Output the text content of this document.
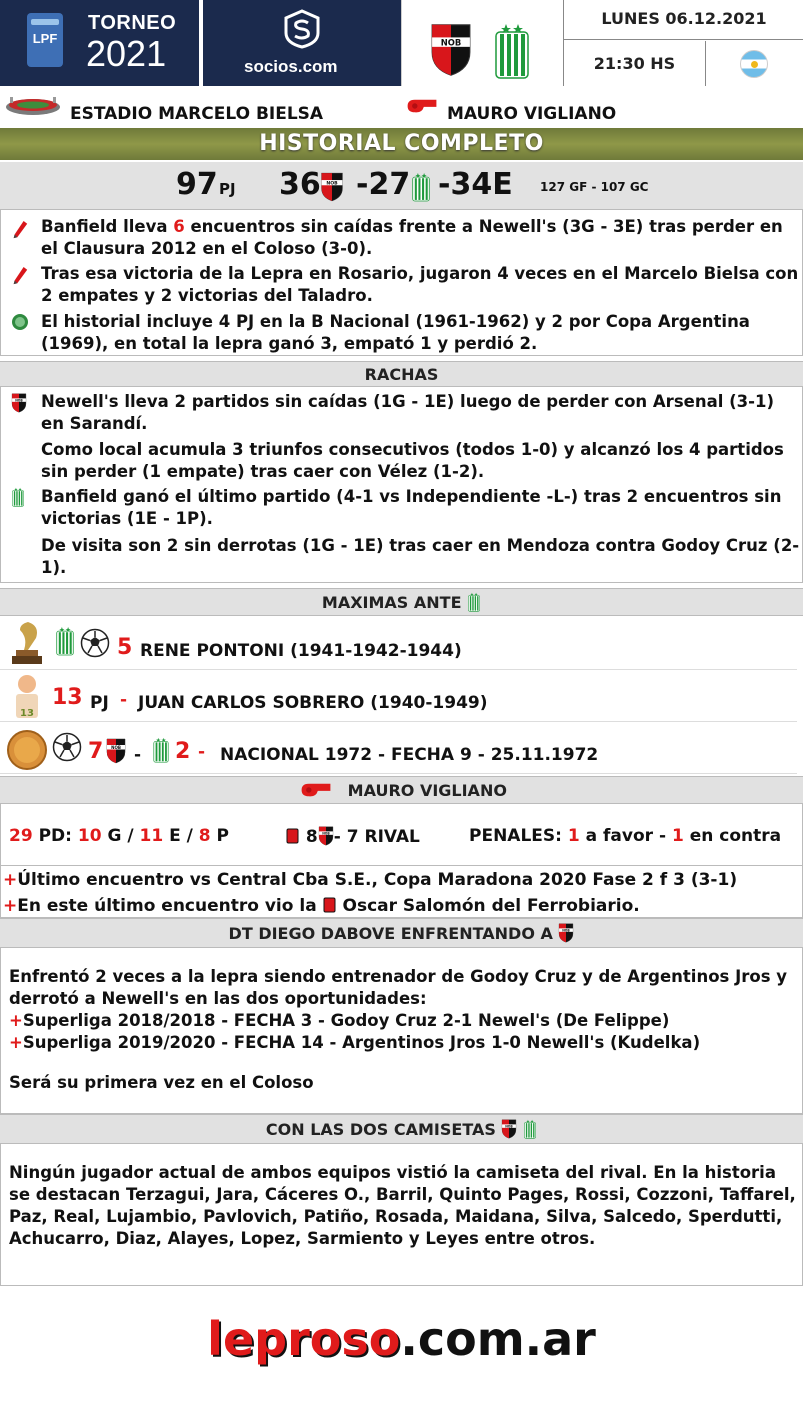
LPF
TORNEO
2021	socios.com
LUNES 06.12.2021
21:30 HS
ESTADIO MARCELO BIELSA	MAURO VIGLIANO
HISTORIAL COMPLETO
97 PJ 36 -27 -34E 127 GF - 107 GC
Banfield lleva 6 encuentros sin caídas frente a Newell's (3G - 3E) tras perder en el Clausura 2012 en el Coloso (3-0).
Tras esa victoria de la Lepra en Rosario, jugaron 4 veces en el Marcelo Bielsa con 2 empates y 2 victorias del Taladro.
El historial incluye 4 PJ en la B Nacional (1961-1962) y 2 por Copa Argentina (1969), en total la lepra ganó 3, empató 1 y perdió 2.
RACHAS
Newell's lleva 2 partidos sin caídas (1G - 1E) luego de perder con Arsenal (3-1) en Sarandí.
Como local acumula 3 triunfos consecutivos (todos 1-0) y alcanzó los 4 partidos sin perder (1 empate) tras caer con Vélez (1-2).
Banfield ganó el último partido (4-1 vs Independiente -L-) tras 2 encuentros sin victorias (1E - 1P).
De visita son 2 sin derrotas (1G - 1E) tras caer en Mendoza contra Godoy Cruz (2-1).
MAXIMAS ANTE
5 RENE PONTONI (1941-1942-1944)
13
13 PJ - JUAN CARLOS SOBRERO (1940-1949)
7 - 2 - NACIONAL 1972 - FECHA 9 - 25.11.1972
MAURO VIGLIANO
29 PD: 10 G / 11 E / 8 P	8 - 7 RIVAL	PENALES: 1 a favor - 1 en contra
+Último encuentro vs Central Cba S.E., Copa Maradona 2020 Fase 2 f 3 (3-1)
+En este último encuentro vio la Oscar Salomón del Ferrobiario.
DT DIEGO DABOVE ENFRENTANDO A
Enfrentó 2 veces a la lepra siendo entrenador de Godoy Cruz y de Argentinos Jros y derrotó a Newell's en las dos oportunidades:
+Superliga 2018/2018 - FECHA 3 - Godoy Cruz 2-1 Newel's (De Felippe)
+Superliga 2019/2020 - FECHA 14 - Argentinos Jros 1-0 Newell's (Kudelka)
Será su primera vez en el Coloso
CON LAS DOS CAMISETAS
Ningún jugador actual de ambos equipos vistió la camiseta del rival. En la historia se destacan Terzagui, Jara, Cáceres O., Barril, Quinto Pages, Rossi, Cozzoni, Taffarel, Paz, Real, Lujambio, Pavlovich, Patiño, Rosada, Maidana, Silva, Salcedo, Sperdutti, Achucarro, Diaz, Alayes, Lopez, Sarmiento y Leyes entre otros.
leproso.com.ar
